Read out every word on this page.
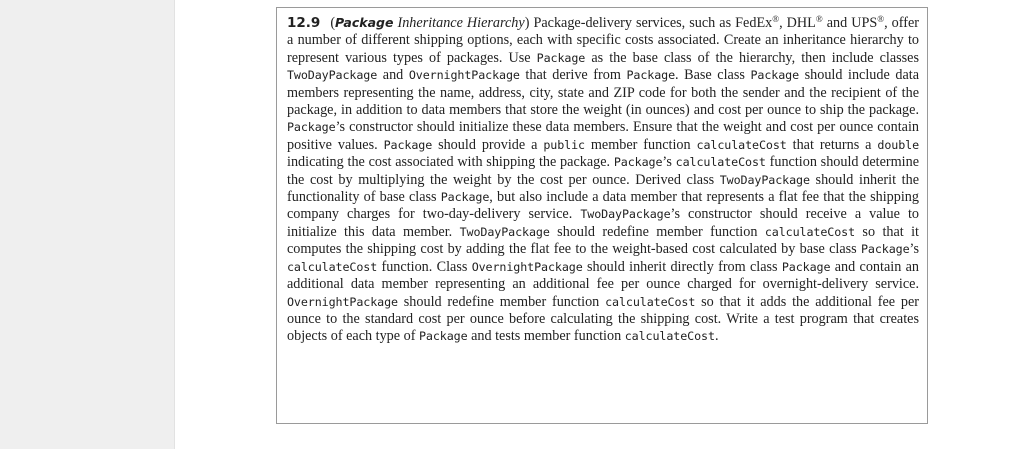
12.9 (Package Inheritance Hierarchy) Package-delivery services, such as FedEx®, DHL® and UPS®, offer a number of different shipping options, each with specific costs associated. Create an inheritance hierarchy to represent various types of packages. Use Package as the base class of the hierarchy, then include classes TwoDayPackage and OvernightPackage that derive from Package. Base class Package should include data members representing the name, address, city, state and ZIP code for both the sender and the recipient of the package, in addition to data members that store the weight (in ounces) and cost per ounce to ship the package. Package’s constructor should initialize these data members. Ensure that the weight and cost per ounce contain positive values. Package should provide a public member function calculateCost that returns a double indicating the cost associated with shipping the package. Package’s calculateCost function should determine the cost by multiplying the weight by the cost per ounce. Derived class TwoDayPackage should inherit the functionality of base class Package, but also include a data member that represents a flat fee that the shipping company charges for two-day-delivery service. TwoDayPackage’s constructor should receive a value to initialize this data member. TwoDayPackage should redefine member function calculateCost so that it computes the shipping cost by adding the flat fee to the weight-based cost calculated by base class Package’s calculateCost function. Class OvernightPackage should inherit directly from class Package and contain an additional data member representing an additional fee per ounce charged for overnight-delivery service. OvernightPackage should redefine member function calculateCost so that it adds the additional fee per ounce to the standard cost per ounce before calculating the shipping cost. Write a test program that creates objects of each type of Package and tests member function calculateCost.
